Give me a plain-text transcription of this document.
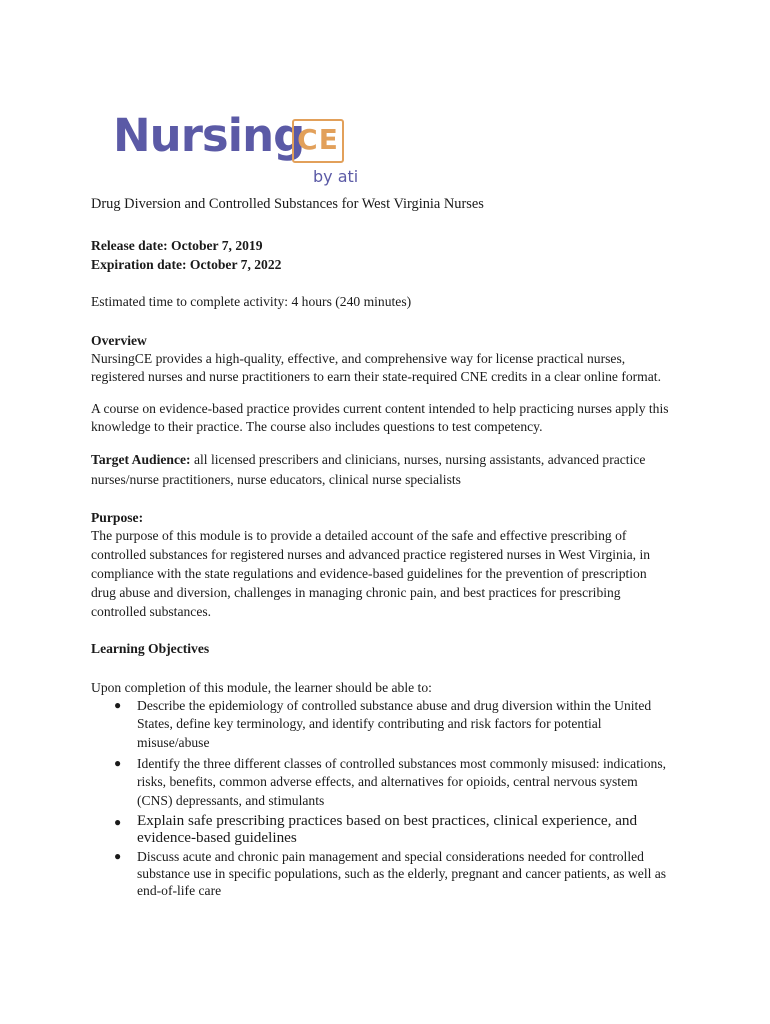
Nursing
CE
by ati
Drug Diversion and Controlled Substances for West Virginia Nurses
Release date: October 7, 2019
Expiration date: October 7, 2022
Estimated time to complete activity: 4 hours (240 minutes)
Overview
NursingCE provides a high-quality, effective, and comprehensive way for license practical nurses,
registered nurses and nurse practitioners to earn their state-required CNE credits in a clear online format.
A course on evidence-based practice provides current content intended to help practicing nurses apply this
knowledge to their practice. The course also includes questions to test competency.
Target Audience: all licensed prescribers and clinicians, nurses, nursing assistants, advanced practice
nurses/nurse practitioners, nurse educators, clinical nurse specialists
Purpose:
The purpose of this module is to provide a detailed account of the safe and effective prescribing of
controlled substances for registered nurses and advanced practice registered nurses in West Virginia, in
compliance with the state regulations and evidence-based guidelines for the prevention of prescription
drug abuse and diversion, challenges in managing chronic pain, and best practices for prescribing
controlled substances.
Learning Objectives
Upon completion of this module, the learner should be able to:
● Describe the epidemiology of controlled substance abuse and drug diversion within the United
States, define key terminology, and identify contributing and risk factors for potential
misuse/abuse
● Identify the three different classes of controlled substances most commonly misused: indications,
risks, benefits, common adverse effects, and alternatives for opioids, central nervous system
(CNS) depressants, and stimulants
● Explain safe prescribing practices based on best practices, clinical experience, and
evidence-based guidelines
● Discuss acute and chronic pain management and special considerations needed for controlled
substance use in specific populations, such as the elderly, pregnant and cancer patients, as well as
end-of-life care
